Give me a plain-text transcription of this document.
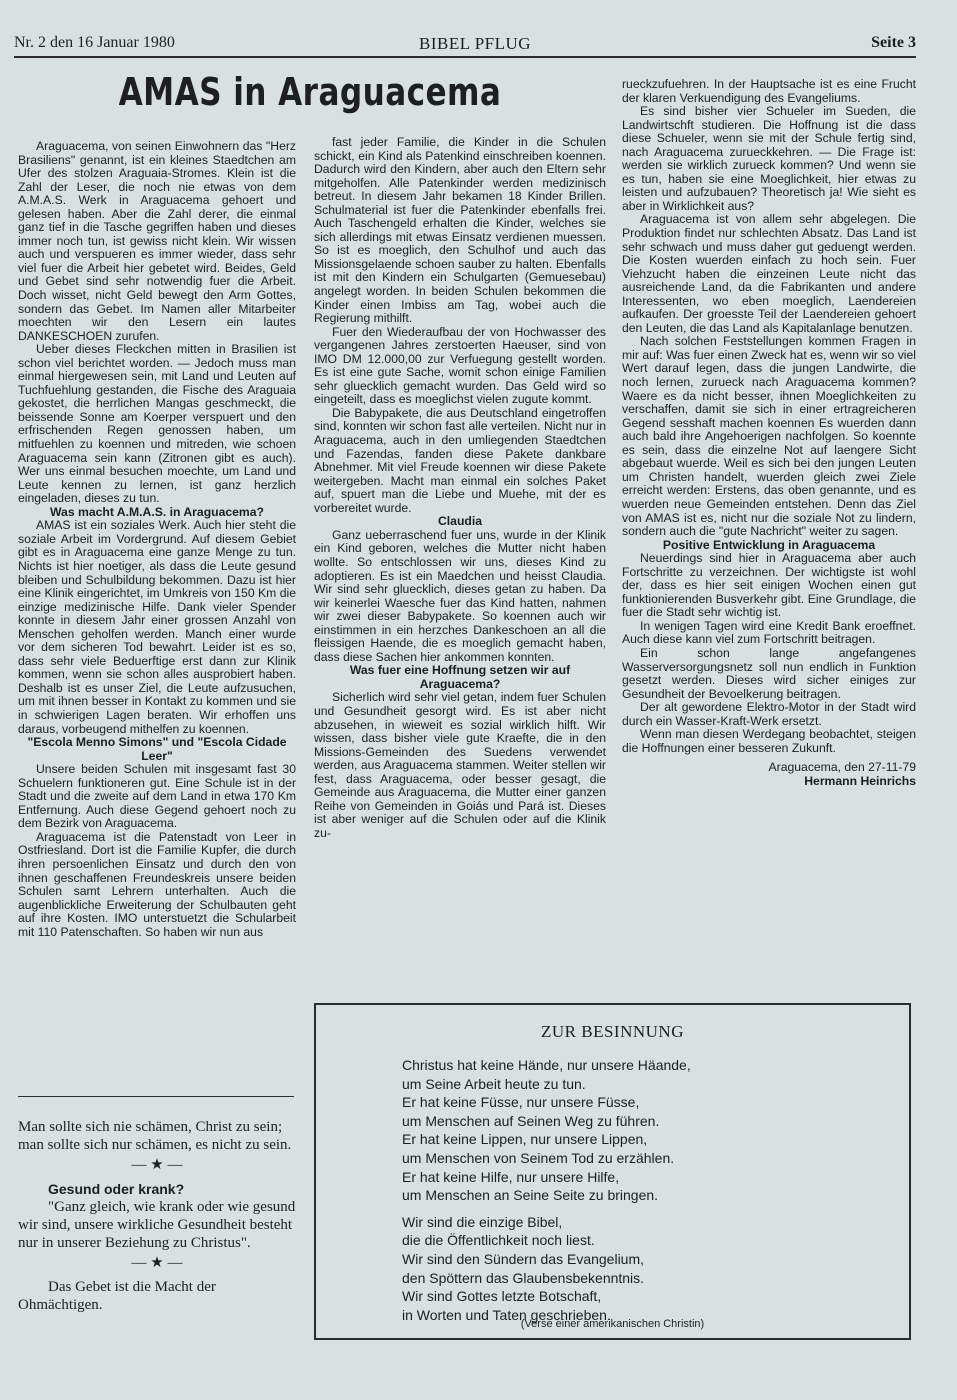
Nr. 2 den 16 Januar 1980	BIBEL PFLUG	Seite 3
AMAS in Araguacema

Araguacema, von seinen Einwohnern das "Herz Brasiliens" genannt, ist ein kleines Staedtchen am Ufer des stolzen Araguaia-Stromes. Klein ist die Zahl der Leser, die noch nie etwas von dem A.M.A.S. Werk in Araguacema gehoert und gelesen haben. Aber die Zahl derer, die einmal ganz tief in die Tasche gegriffen haben und dieses immer noch tun, ist gewiss nicht klein. Wir wissen auch und verspueren es immer wieder, dass sehr viel fuer die Arbeit hier gebetet wird. Beides, Geld und Gebet sind sehr notwendig fuer die Arbeit. Doch wisset, nicht Geld bewegt den Arm Gottes, sondern das Gebet. Im Namen aller Mitarbeiter moechten wir den Lesern ein lautes DANKESCHOEN zurufen.

Ueber dieses Fleckchen mitten in Brasilien ist schon viel berichtet worden. — Jedoch muss man einmal hiergewesen sein, mit Land und Leuten auf Tuchfuehlung gestanden, die Fische des Araguaia gekostet, die herrlichen Mangas geschmeckt, die beissende Sonne am Koerper verspuert und den erfrischenden Regen genossen haben, um mitfuehlen zu koennen und mitreden, wie schoen Araguacema sein kann (Zitronen gibt es auch). Wer uns einmal besuchen moechte, um Land und Leute kennen zu lernen, ist ganz herzlich eingeladen, dieses zu tun.

Was macht A.M.A.S. in Araguacema?

AMAS ist ein soziales Werk. Auch hier steht die soziale Arbeit im Vordergrund. Auf diesem Gebiet gibt es in Araguacema eine ganze Menge zu tun. Nichts ist hier noetiger, als dass die Leute gesund bleiben und Schulbildung bekommen. Dazu ist hier eine Klinik eingerichtet, im Umkreis von 150 Km die einzige medizinische Hilfe. Dank vieler Spender konnte in diesem Jahr einer grossen Anzahl von Menschen geholfen werden. Manch einer wurde vor dem sicheren Tod bewahrt. Leider ist es so, dass sehr viele Beduerftige erst dann zur Klinik kommen, wenn sie schon alles ausprobiert haben. Deshalb ist es unser Ziel, die Leute aufzusuchen, um mit ihnen besser in Kontakt zu kommen und sie in schwierigen Lagen beraten. Wir erhoffen uns daraus, vorbeugend mithelfen zu koennen.

"Escola Menno Simons" und "Escola Cidade Leer"

Unsere beiden Schulen mit insgesamt fast 30 Schuelern funktioneren gut. Eine Schule ist in der Stadt und die zweite auf dem Land in etwa 170 Km Entfernung. Auch diese Gegend gehoert noch zu dem Bezirk von Araguacema.

Araguacema ist die Patenstadt von Leer in Ostfriesland. Dort ist die Familie Kupfer, die durch ihren persoenlichen Einsatz und durch den von ihnen geschaffenen Freundeskreis unsere beiden Schulen samt Lehrern unterhalten. Auch die augenblickliche Erweiterung der Schulbauten geht auf ihre Kosten. IMO unterstuetzt die Schularbeit mit 110 Patenschaften. So haben wir nun aus

fast jeder Familie, die Kinder in die Schulen schickt, ein Kind als Patenkind einschreiben koennen. Dadurch wird den Kindern, aber auch den Eltern sehr mitgeholfen. Alle Patenkinder werden medizinisch betreut. In diesem Jahr bekamen 18 Kinder Brillen. Schulmaterial ist fuer die Patenkinder ebenfalls frei. Auch Taschengeld erhalten die Kinder, welches sie sich allerdings mit etwas Einsatz verdienen muessen. So ist es moeglich, den Schulhof und auch das Missionsgelaende schoen sauber zu halten. Ebenfalls ist mit den Kindern ein Schulgarten (Gemuesebau) angelegt worden. In beiden Schulen bekommen die Kinder einen Imbiss am Tag, wobei auch die Regierung mithilft.

Fuer den Wiederaufbau der von Hochwasser des vergangenen Jahres zerstoerten Haeuser, sind von IMO DM 12.000,00 zur Verfuegung gestellt worden. Es ist eine gute Sache, womit schon einige Familien sehr gluecklich gemacht wurden. Das Geld wird so eingeteilt, dass es moeglichst vielen zugute kommt.

Die Babypakete, die aus Deutschland eingetroffen sind, konnten wir schon fast alle verteilen. Nicht nur in Araguacema, auch in den umliegenden Staedtchen und Fazendas, fanden diese Pakete dankbare Abnehmer. Mit viel Freude koennen wir diese Pakete weitergeben. Macht man einmal ein solches Paket auf, spuert man die Liebe und Muehe, mit der es vorbereitet wurde.

Claudia

Ganz ueberraschend fuer uns, wurde in der Klinik ein Kind geboren, welches die Mutter nicht haben wollte. So entschlossen wir uns, dieses Kind zu adoptieren. Es ist ein Maedchen und heisst Claudia. Wir sind sehr gluecklich, dieses getan zu haben. Da wir keinerlei Waesche fuer das Kind hatten, nahmen wir zwei dieser Babypakete. So koennen auch wir einstimmen in ein herzches Dankeschoen an all die fleissigen Haende, die es moeglich gemacht haben, dass diese Sachen hier ankommen konnten.

Was fuer eine Hoffnung setzen wir auf Araguacema?

Sicherlich wird sehr viel getan, indem fuer Schulen und Gesundheit gesorgt wird. Es ist aber nicht abzusehen, in wieweit es sozial wirklich hilft. Wir wissen, dass bisher viele gute Kraefte, die in den Missions-Gemeinden des Suedens verwendet werden, aus Araguacema stammen. Weiter stellen wir fest, dass Araguacema, oder besser gesagt, die Gemeinde aus Araguacema, die Mutter einer ganzen Reihe von Gemeinden in Goiás und Pará ist. Dieses ist aber weniger auf die Schulen oder auf die Klinik zu-

rueckzufuehren. In der Hauptsache ist es eine Frucht der klaren Verkuendigung des Evangeliums.

Es sind bisher vier Schueler im Sueden, die Landwirtschft studieren. Die Hoffnung ist die dass diese Schueler, wenn sie mit der Schule fertig sind, nach Araguacema zurueckkehren. — Die Frage ist: werden sie wirklich zurueck kommen? Und wenn sie es tun, haben sie eine Moeglichkeit, hier etwas zu leisten und aufzubauen? Theoretisch ja! Wie sieht es aber in Wirklichkeit aus?

Araguacema ist von allem sehr abgelegen. Die Produktion findet nur schlechten Absatz. Das Land ist sehr schwach und muss daher gut geduengt werden. Die Kosten wuerden einfach zu hoch sein. Fuer Viehzucht haben die einzeinen Leute nicht das ausreichende Land, da die Fabrikanten und andere Interessenten, wo eben moeglich, Laendereien aufkaufen. Der groesste Teil der Laendereien gehoert den Leuten, die das Land als Kapitalanlage benutzen.

Nach solchen Feststellungen kommen Fragen in mir auf: Was fuer einen Zweck hat es, wenn wir so viel Wert darauf legen, dass die jungen Landwirte, die noch lernen, zurueck nach Araguacema kommen? Waere es da nicht besser, ihnen Moeglichkeiten zu verschaffen, damit sie sich in einer ertragreicheren Gegend sesshaft machen koennen Es wuerden dann auch bald ihre Angehoerigen nachfolgen. So koennte es sein, dass die einzelne Not auf laengere Sicht abgebaut wuerde. Weil es sich bei den jungen Leuten um Christen handelt, wuerden gleich zwei Ziele erreicht werden: Erstens, das oben genannte, und es wuerden neue Gemeinden entstehen. Denn das Ziel von AMAS ist es, nicht nur die soziale Not zu lindern, sondern auch die "gute Nachricht" weiter zu sagen.

Positive Entwicklung in Araguacema

Neuerdings sind hier in Araguacema aber auch Fortschritte zu verzeichnen. Der wichtigste ist wohl der, dass es hier seit einigen Wochen einen gut funktionierenden Busverkehr gibt. Eine Grundlage, die fuer die Stadt sehr wichtig ist.

In wenigen Tagen wird eine Kredit Bank eroeffnet. Auch diese kann viel zum Fortschritt beitragen.

Ein schon lange angefangenes Wasserversorgungsnetz soll nun endlich in Funktion gesetzt werden. Dieses wird sicher einiges zur Gesundheit der Bevoelkerung beitragen.

Der alt gewordene Elektro-Motor in der Stadt wird durch ein Wasser-Kraft-Werk ersetzt.

Wenn man diesen Werdegang beobachtet, steigen die Hoffnungen einer besseren Zukunft.

Araguacema, den 27-11-79
Hermann Heinrichs

Man sollte sich nie schämen, Christ zu sein; man sollte sich nur schämen, es nicht zu sein.

— ★ —

Gesund oder krank?

"Ganz gleich, wie krank oder wie gesund wir sind, unsere wirkliche Gesundheit besteht nur in unserer Beziehung zu Christus".

— ★ —

Das Gebet ist die Macht der Ohmächtigen.

ZUR BESINNUNG

Christus hat keine Hände, nur unsere Häande,

um Seine Arbeit heute zu tun.

Er hat keine Füsse, nur unsere Füsse,

um Menschen auf Seinen Weg zu führen.

Er hat keine Lippen, nur unsere Lippen,

um Menschen von Seinem Tod zu erzählen.

Er hat keine Hilfe, nur unsere Hilfe,

um Menschen an Seine Seite zu bringen.

Wir sind die einzige Bibel,

die die Öffentlichkeit noch liest.

Wir sind den Sündern das Evangelium,

den Spöttern das Glaubensbekenntnis.

Wir sind Gottes letzte Botschaft,

in Worten und Taten geschrieben.

(Verse einer amerikanischen Christin)
